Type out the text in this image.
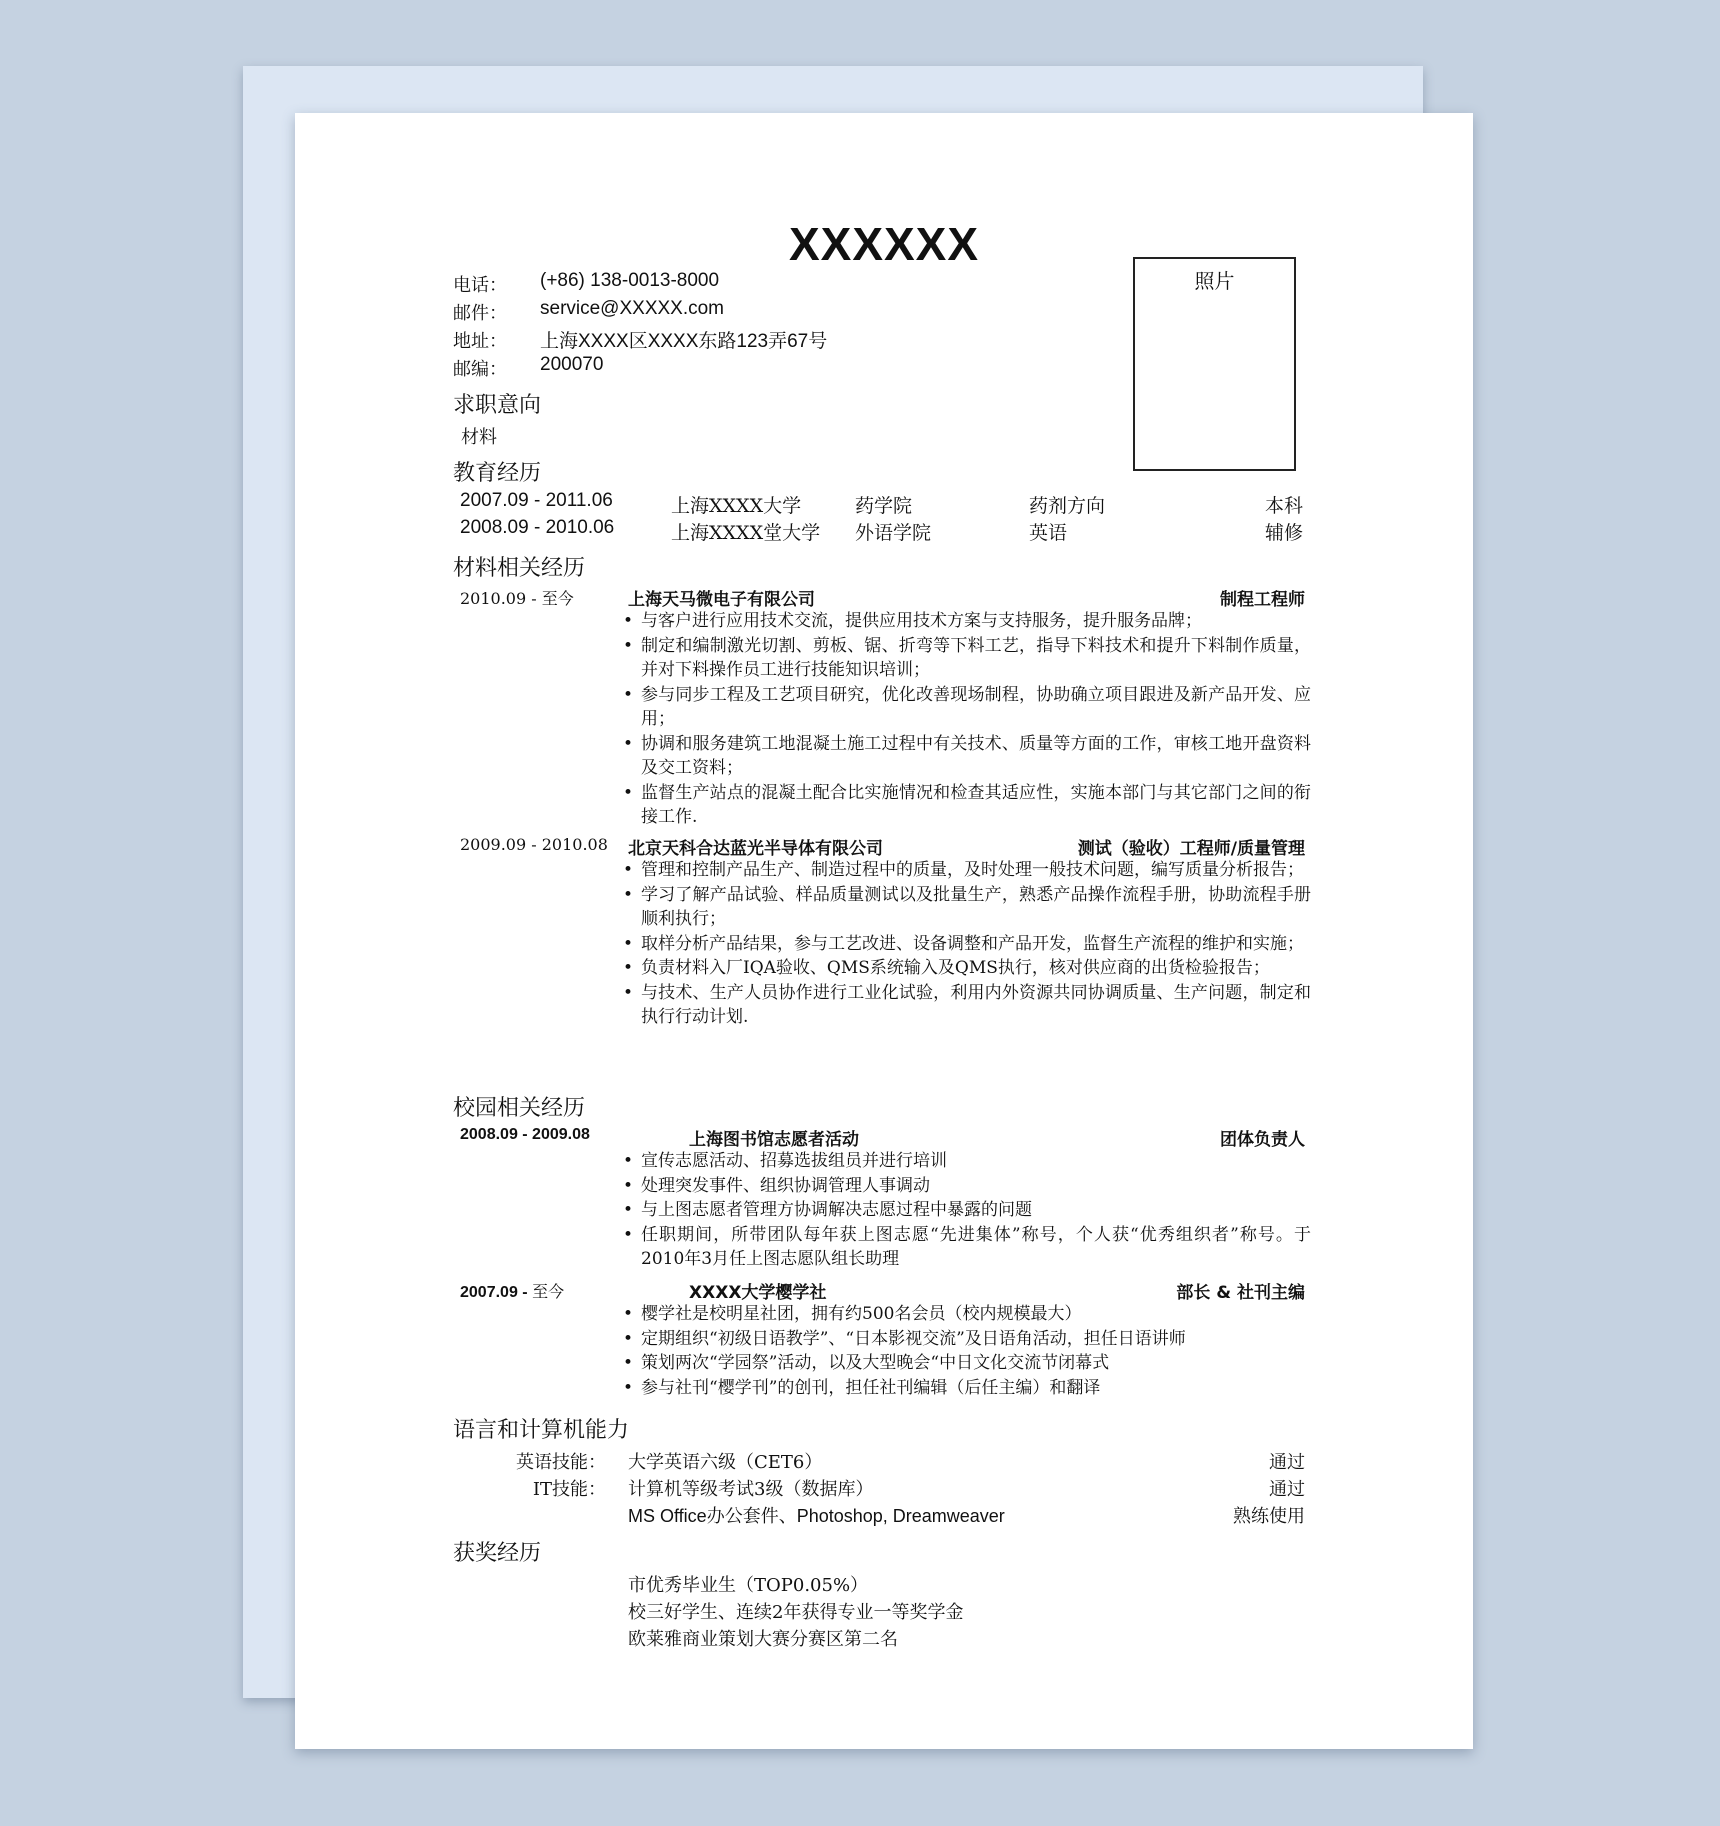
XXXXXX
电话： (+86) 138-0013-8000
邮件： service@XXXXX.com
地址： 上海XXXX区XXXX东路123弄67号
邮编： 200070
照片
求职意向
材料
教育经历
2007.09 - 2011.06	上海XXXX大学	药学院	药剂方向	本科
2008.09 - 2010.06	上海XXXX堂大学 外语学院	英语	辅修
材料相关经历
2010.09 - 至今	上海天马微电子有限公司	制程工程师
• 与客户进行应用技术交流，提供应用技术方案与支持服务，提升服务品牌；
• 制定和编制激光切割、剪板、锯、折弯等下料工艺，指导下料技术和提升下料制作质量，并对下料操作员工进行技能知识培训；
• 参与同步工程及工艺项目研究，优化改善现场制程，协助确立项目跟进及新产品开发、应用；
• 协调和服务建筑工地混凝土施工过程中有关技术、质量等方面的工作，审核工地开盘资料及交工资料；
• 监督生产站点的混凝土配合比实施情况和检查其适应性，实施本部门与其它部门之间的衔接工作.
2009.09 - 2010.08 北京天科合达蓝光半导体有限公司	测试（验收）工程师/质量管理
• 管理和控制产品生产、制造过程中的质量，及时处理一般技术问题，编写质量分析报告；
• 学习了解产品试验、样品质量测试以及批量生产，熟悉产品操作流程手册，协助流程手册顺利执行；
• 取样分析产品结果，参与工艺改进、设备调整和产品开发，监督生产流程的维护和实施；
• 负责材料入厂IQA验收、QMS系统输入及QMS执行，核对供应商的出货检验报告；
• 与技术、生产人员协作进行工业化试验，利用内外资源共同协调质量、生产问题，制定和执行行动计划.
校园相关经历
2008.09 - 2009.08	上海图书馆志愿者活动	团体负责人
• 宣传志愿活动、招募选拔组员并进行培训
• 处理突发事件、组织协调管理人事调动
• 与上图志愿者管理方协调解决志愿过程中暴露的问题
• 任职期间，所带团队每年获上图志愿“先进集体”称号，个人获“优秀组织者”称号。于2010年3月任上图志愿队组长助理
2007.09 - 至今	XXXX大学樱学社	部长 & 社刊主编
• 樱学社是校明星社团，拥有约500名会员（校内规模最大）
• 定期组织“初级日语教学”、“日本影视交流”及日语角活动，担任日语讲师
• 策划两次“学园祭”活动，以及大型晚会“中日文化交流节闭幕式
• 参与社刊“樱学刊”的创刊，担任社刊编辑（后任主编）和翻译
语言和计算机能力
英语技能： 大学英语六级（CET6）	通过
IT技能： 计算机等级考试3级（数据库）	通过
MS Office办公套件、Photoshop, Dreamweaver	熟练使用
获奖经历
市优秀毕业生（TOP0.05%）
校三好学生、连续2年获得专业一等奖学金
欧莱雅商业策划大赛分赛区第二名
